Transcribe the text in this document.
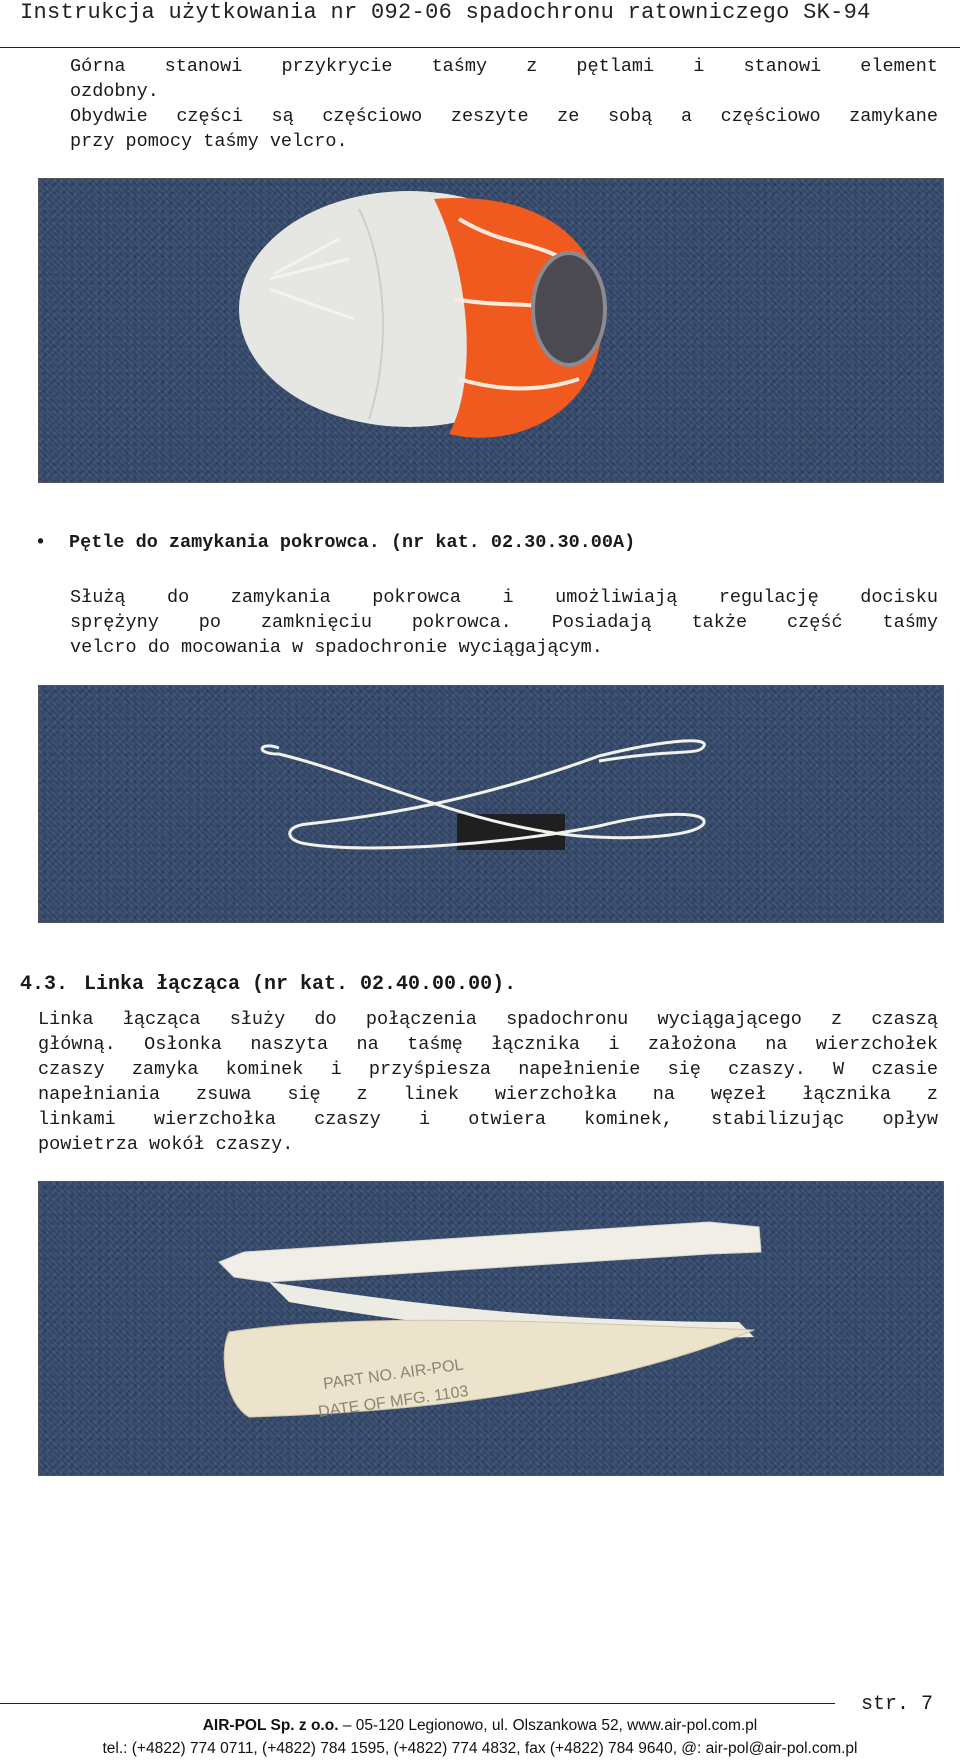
Instrukcja użytkowania nr 092-06 spadochronu ratowniczego SK-94
Górna stanowi przykrycie taśmy z pętlami i stanowi element
ozdobny.
Obydwie części są częściowo zeszyte ze sobą a częściowo zamykane
przy pomocy taśmy velcro.
• Pętle do zamykania pokrowca. (nr kat. 02.30.30.00A)
Służą do zamykania pokrowca i umożliwiają regulację docisku
sprężyny po zamknięciu pokrowca. Posiadają także część taśmy
velcro do mocowania w spadochronie wyciągającym.
4.3. Linka łącząca (nr kat. 02.40.00.00).
Linka łącząca służy do połączenia spadochronu wyciągającego z czaszą
główną. Osłonka naszyta na taśmę łącznika i założona na wierzchołek
czaszy zamyka kominek i przyśpiesza napełnienie się czaszy. W czasie
napełniania zsuwa się z linek wierzchołka na węzeł łącznika z
linkami wierzchołka czaszy i otwiera kominek, stabilizując opływ
powietrza wokół czaszy.
PART NO. AIR-POL
DATE OF MFG. 1103
str. 7
AIR-POL Sp. z o.o. – 05-120 Legionowo, ul. Olszankowa 52, www.air-pol.com.pl
tel.: (+4822) 774 0711, (+4822) 784 1595, (+4822) 774 4832, fax (+4822) 784 9640, @: air-pol@air-pol.com.pl
